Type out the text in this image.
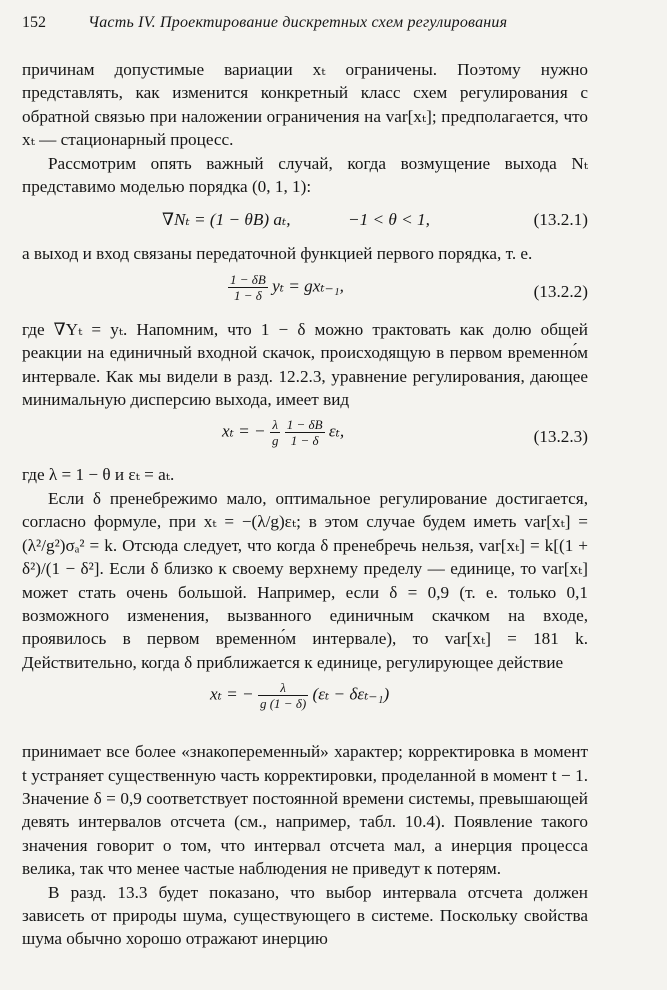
152	Часть IV. Проектирование дискретных схем регулирования

причинам допустимые вариации xₜ ограничены. Поэтому нужно представлять, как изменится конкретный класс схем регулирования с обратной связью при наложении ограничения на var[xₜ]; предполагается, что xₜ — стационарный процесс.

Рассмотрим опять важный случай, когда возмущение выхода Nₜ представимо моделью порядка (0, 1, 1):

∇Nₜ = (1 − θB) aₜ,	−1 < θ < 1,	(13.2.1)

а выход и вход связаны передаточной функцией первого порядка, т. е.

$\frac{1 - \delta B}{1 - \delta}$ yₜ = gxₜ₋₁,	(13.2.2)

где ∇Yₜ = yₜ. Напомним, что 1 − δ можно трактовать как долю общей реакции на единичный входной скачок, происходящую в первом временно́м интервале. Как мы видели в разд. 12.2.3, уравнение регулирования, дающее минимальную дисперсию выхода, имеет вид

xₜ = − $\frac{\lambda}{g}$
$\frac{1 - \delta B}{1 - \delta} \varepsilon_t$,	(13.2.3)

где λ = 1 − θ и εₜ = aₜ.

Если δ пренебрежимо мало, оптимальное регулирование достигается, согласно формуле, при xₜ = −(λ/g)εₜ; в этом случае будем иметь var[xₜ] = (λ²/g²)σₐ² = k. Отсюда следует, что когда δ пренебречь нельзя, var[xₜ] = k[(1 + δ²)/(1 − δ²]. Если δ близко к своему верхнему пределу — единице, то var[xₜ] может стать очень большой. Например, если δ = 0,9 (т. е. только 0,1 возможного изменения, вызванного единичным скачком на входе, проявилось в первом временно́м интервале), то var[xₜ] = 181 k. Действительно, когда δ приближается к единице, регулирующее действие

xₜ = − $\frac{\lambda}{g (1 - \delta)} (\varepsilon_t - \delta\varepsilon_{t-1})$

принимает все более «знакопеременный» характер; корректировка в момент t устраняет существенную часть корректировки, проделанной в момент t − 1. Значение δ = 0,9 соответствует постоянной времени системы, превышающей девять интервалов отсчета (см., например, табл. 10.4). Появление такого значения говорит о том, что интервал отсчета мал, а инерция процесса велика, так что менее частые наблюдения не приведут к потерям.

В разд. 13.3 будет показано, что выбор интервала отсчета должен зависеть от природы шума, существующего в системе. Поскольку свойства шума обычно хорошо отражают инерцию
